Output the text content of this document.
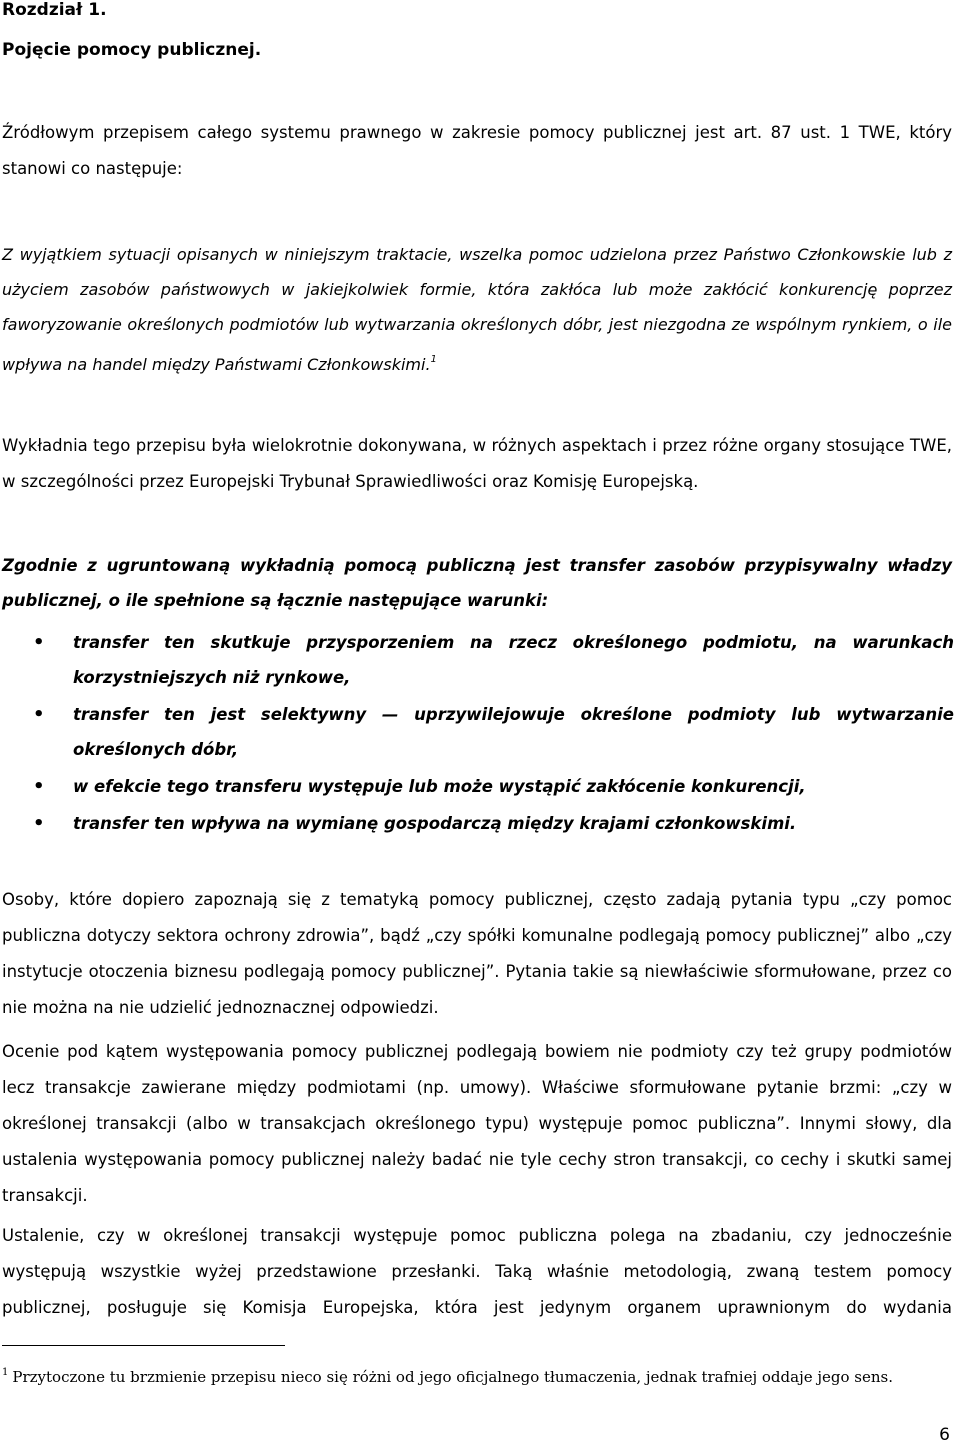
Rozdział 1.
Pojęcie pomocy publicznej.

Źródłowym przepisem całego systemu prawnego w zakresie pomocy publicznej jest art. 87 ust. 1 TWE, który stanowi co następuje:

Z wyjątkiem sytuacji opisanych w niniejszym traktacie, wszelka pomoc udzielona przez Państwo Członkowskie lub z użyciem zasobów państwowych w jakiejkolwiek formie, która zakłóca lub może zakłócić konkurencję poprzez faworyzowanie określonych podmiotów lub wytwarzania określonych dóbr, jest niezgodna ze wspólnym rynkiem, o ile wpływa na handel między Państwami Członkowskimi.$^1$

Wykładnia tego przepisu była wielokrotnie dokonywana, w różnych aspektach i przez różne organy stosujące TWE, w szczególności przez Europejski Trybunał Sprawiedliwości oraz Komisję Europejską.

Zgodnie z ugruntowaną wykładnią pomocą publiczną jest transfer zasobów przypisywalny władzy publicznej, o ile spełnione są łącznie następujące warunki:

• transfer ten skutkuje przysporzeniem na rzecz określonego podmiotu, na warunkach korzystniejszych niż rynkowe,
• transfer ten jest selektywny — uprzywilejowuje określone podmioty lub wytwarzanie określonych dóbr,
• w efekcie tego transferu występuje lub może wystąpić zakłócenie konkurencji,
• transfer ten wpływa na wymianę gospodarczą między krajami członkowskimi.

Osoby, które dopiero zapoznają się z tematyką pomocy publicznej, często zadają pytania typu „czy pomoc publiczna dotyczy sektora ochrony zdrowia”, bądź „czy spółki komunalne podlegają pomocy publicznej” albo „czy instytucje otoczenia biznesu podlegają pomocy publicznej”. Pytania takie są niewłaściwie sformułowane, przez co nie można na nie udzielić jednoznacznej odpowiedzi.

Ocenie pod kątem występowania pomocy publicznej podlegają bowiem nie podmioty czy też grupy podmiotów lecz transakcje zawierane między podmiotami (np. umowy). Właściwe sformułowane pytanie brzmi: „czy w określonej transakcji (albo w transakcjach określonego typu) występuje pomoc publiczna”. Innymi słowy, dla ustalenia występowania pomocy publicznej należy badać nie tyle cechy stron transakcji, co cechy i skutki samej transakcji.

Ustalenie, czy w określonej transakcji występuje pomoc publiczna polega na zbadaniu, czy jednocześnie występują wszystkie wyżej przedstawione przesłanki. Taką właśnie metodologią, zwaną testem pomocy publicznej, posługuje się Komisja Europejska, która jest jedynym organem uprawnionym do wydania

$^1$ Przytoczone tu brzmienie przepisu nieco się różni od jego oficjalnego tłumaczenia, jednak trafniej oddaje jego sens.
6
